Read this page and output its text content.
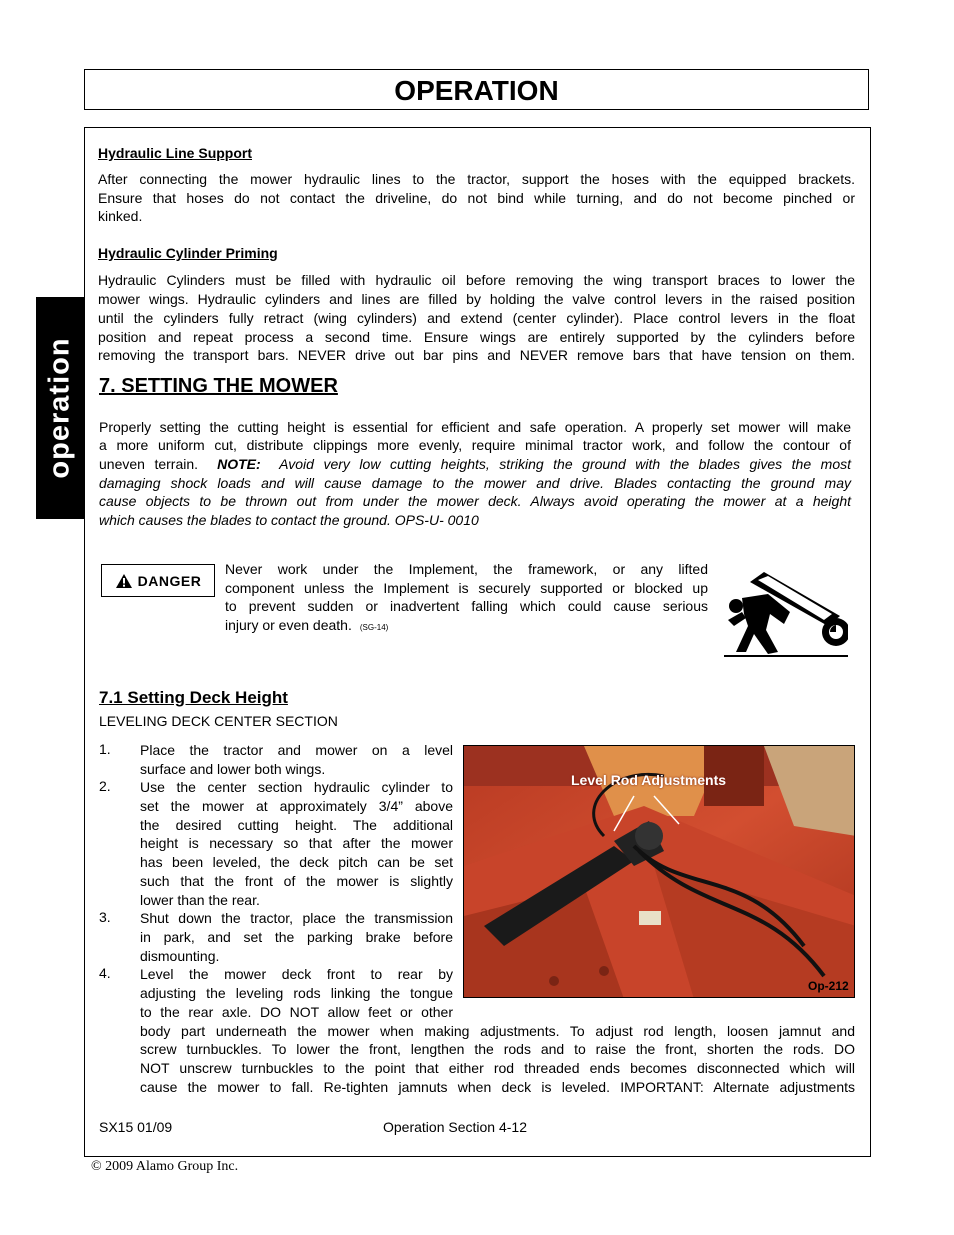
OPERATION
operation
Hydraulic Line Support
After connecting the mower hydraulic lines to the tractor, support the hoses with the equipped brackets.
Ensure that hoses do not contact the driveline, do not bind while turning, and do not become pinched or
kinked.
Hydraulic Cylinder Priming
Hydraulic Cylinders must be filled with hydraulic oil before removing the wing transport braces to lower the
mower wings. Hydraulic cylinders and lines are filled by holding the valve control levers in the raised position
until the cylinders fully retract (wing cylinders) and extend (center cylinder). Place control levers in the float
position and repeat process a second time. Ensure wings are entirely supported by the cylinders before
removing the transport bars. NEVER drive out bar pins and NEVER remove bars that have tension on them.
7. SETTING THE MOWER
Properly setting the cutting height is essential for efficient and safe operation. A properly set mower will make
a more uniform cut, distribute clippings more evenly, require minimal tractor work, and follow the contour of
uneven terrain.  NOTE:  Avoid very low cutting heights, striking the ground with the blades gives the most
damaging shock loads and will cause damage to the mower and drive. Blades contacting the ground may
cause objects to be thrown out from under the mower deck. Always avoid operating the mower at a height
which causes the blades to contact the ground. OPS-U- 0010
DANGER
Never work under the Implement, the framework, or any lifted
component unless the Implement is securely supported or blocked up
to prevent sudden or inadvertent falling which could cause serious
injury or even death. (SG-14)
7.1 Setting Deck Height
LEVELING DECK CENTER SECTION
1. Place the tractor and mower on a level
surface and lower both wings.
2. Use the center section hydraulic cylinder to
set the mower at approximately 3/4” above
the desired cutting height. The additional
height is necessary so that after the mower
has been leveled, the deck pitch can be set
such that the front of the mower is slightly
lower than the rear.
3. Shut down the tractor, place the transmission
in park, and set the parking brake before
dismounting.
4. Level the mower deck front to rear by
adjusting the leveling rods linking the tongue
to the rear axle. DO NOT allow feet or other
body part underneath the mower when making adjustments. To adjust rod length, loosen jamnut and
screw turnbuckles. To lower the front, lengthen the rods and to raise the front, shorten the rods. DO
NOT unscrew turnbuckles to the point that either rod threaded ends becomes disconnected which will
cause the mower to fall. Re-tighten jamnuts when deck is leveled. IMPORTANT: Alternate adjustments
Level Rod Adjustments
Op-212
SX15 01/09	Operation Section 4-12
© 2009 Alamo Group Inc.
